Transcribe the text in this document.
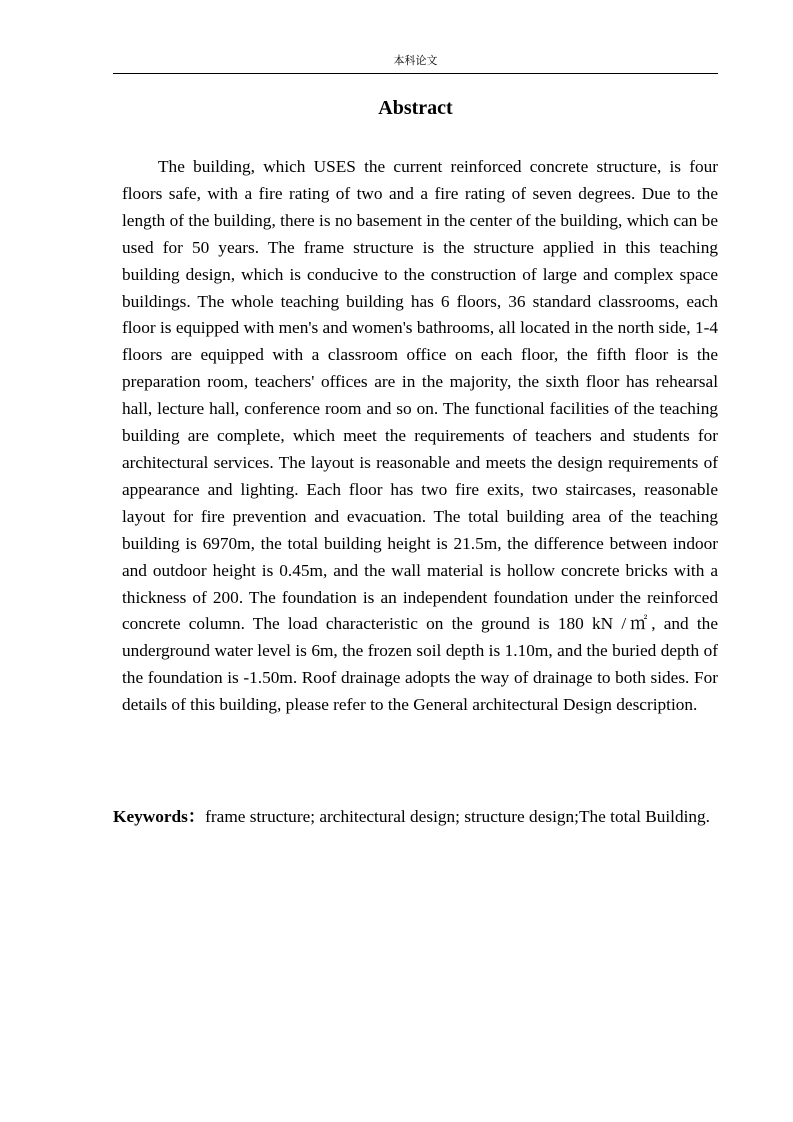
本科论文
Abstract

The building, which USES the current reinforced concrete structure, is four floors safe, with a fire rating of two and a fire rating of seven degrees. Due to the length of the building, there is no basement in the center of the building, which can be used for 50 years. The frame structure is the structure applied in this teaching building design, which is conducive to the construction of large and complex space buildings. The whole teaching building has 6 floors, 36 standard classrooms, each floor is equipped with men's and women's bathrooms, all located in the north side, 1-4 floors are equipped with a classroom office on each floor, the fifth floor is the preparation room, teachers' offices are in the majority, the sixth floor has rehearsal hall, lecture hall, conference room and so on. The functional facilities of the teaching building are complete, which meet the requirements of teachers and students for architectural services. The layout is reasonable and meets the design requirements of appearance and lighting. Each floor has two fire exits, two staircases, reasonable layout for fire prevention and evacuation. The total building area of the teaching building is 6970m, the total building height is 21.5m, the difference between indoor and outdoor height is 0.45m, and the wall material is hollow concrete bricks with a thickness of 200. The foundation is an independent foundation under the reinforced concrete column. The load characteristic on the ground is 180 kN /㎡, and the underground water level is 6m, the frozen soil depth is 1.10m, and the buried depth of the foundation is -1.50m. Roof drainage adopts the way of drainage to both sides. For details of this building, please refer to the General architectural Design description.

Keywords：frame structure; architectural design; structure design;The total Building.
